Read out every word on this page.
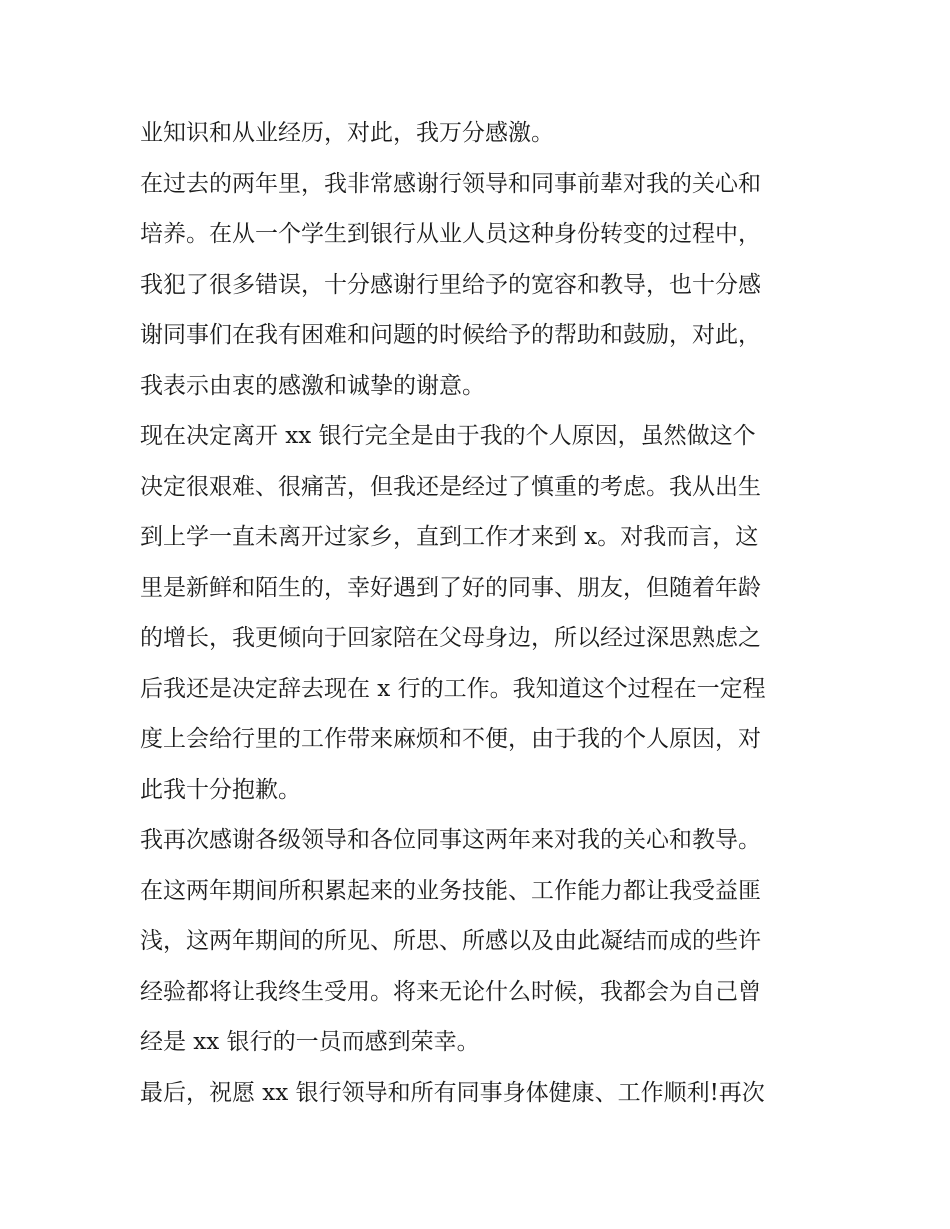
业知识和从业经历，对此，我万分感激。
在过去的两年里，我非常感谢行领导和同事前辈对我的关心和
培养。在从一个学生到银行从业人员这种身份转变的过程中，
我犯了很多错误，十分感谢行里给予的宽容和教导，也十分感
谢同事们在我有困难和问题的时候给予的帮助和鼓励，对此，
我表示由衷的感激和诚挚的谢意。
现在决定离开 xx 银行完全是由于我的个人原因，虽然做这个
决定很艰难、很痛苦，但我还是经过了慎重的考虑。我从出生
到上学一直未离开过家乡，直到工作才来到 x。对我而言，这
里是新鲜和陌生的，幸好遇到了好的同事、朋友，但随着年龄
的增长，我更倾向于回家陪在父母身边，所以经过深思熟虑之
后我还是决定辞去现在 x 行的工作。我知道这个过程在一定程
度上会给行里的工作带来麻烦和不便，由于我的个人原因，对
此我十分抱歉。
我再次感谢各级领导和各位同事这两年来对我的关心和教导。
在这两年期间所积累起来的业务技能、工作能力都让我受益匪
浅，这两年期间的所见、所思、所感以及由此凝结而成的些许
经验都将让我终生受用。将来无论什么时候，我都会为自己曾
经是 xx 银行的一员而感到荣幸。
最后，祝愿 xx 银行领导和所有同事身体健康、工作顺利!再次
